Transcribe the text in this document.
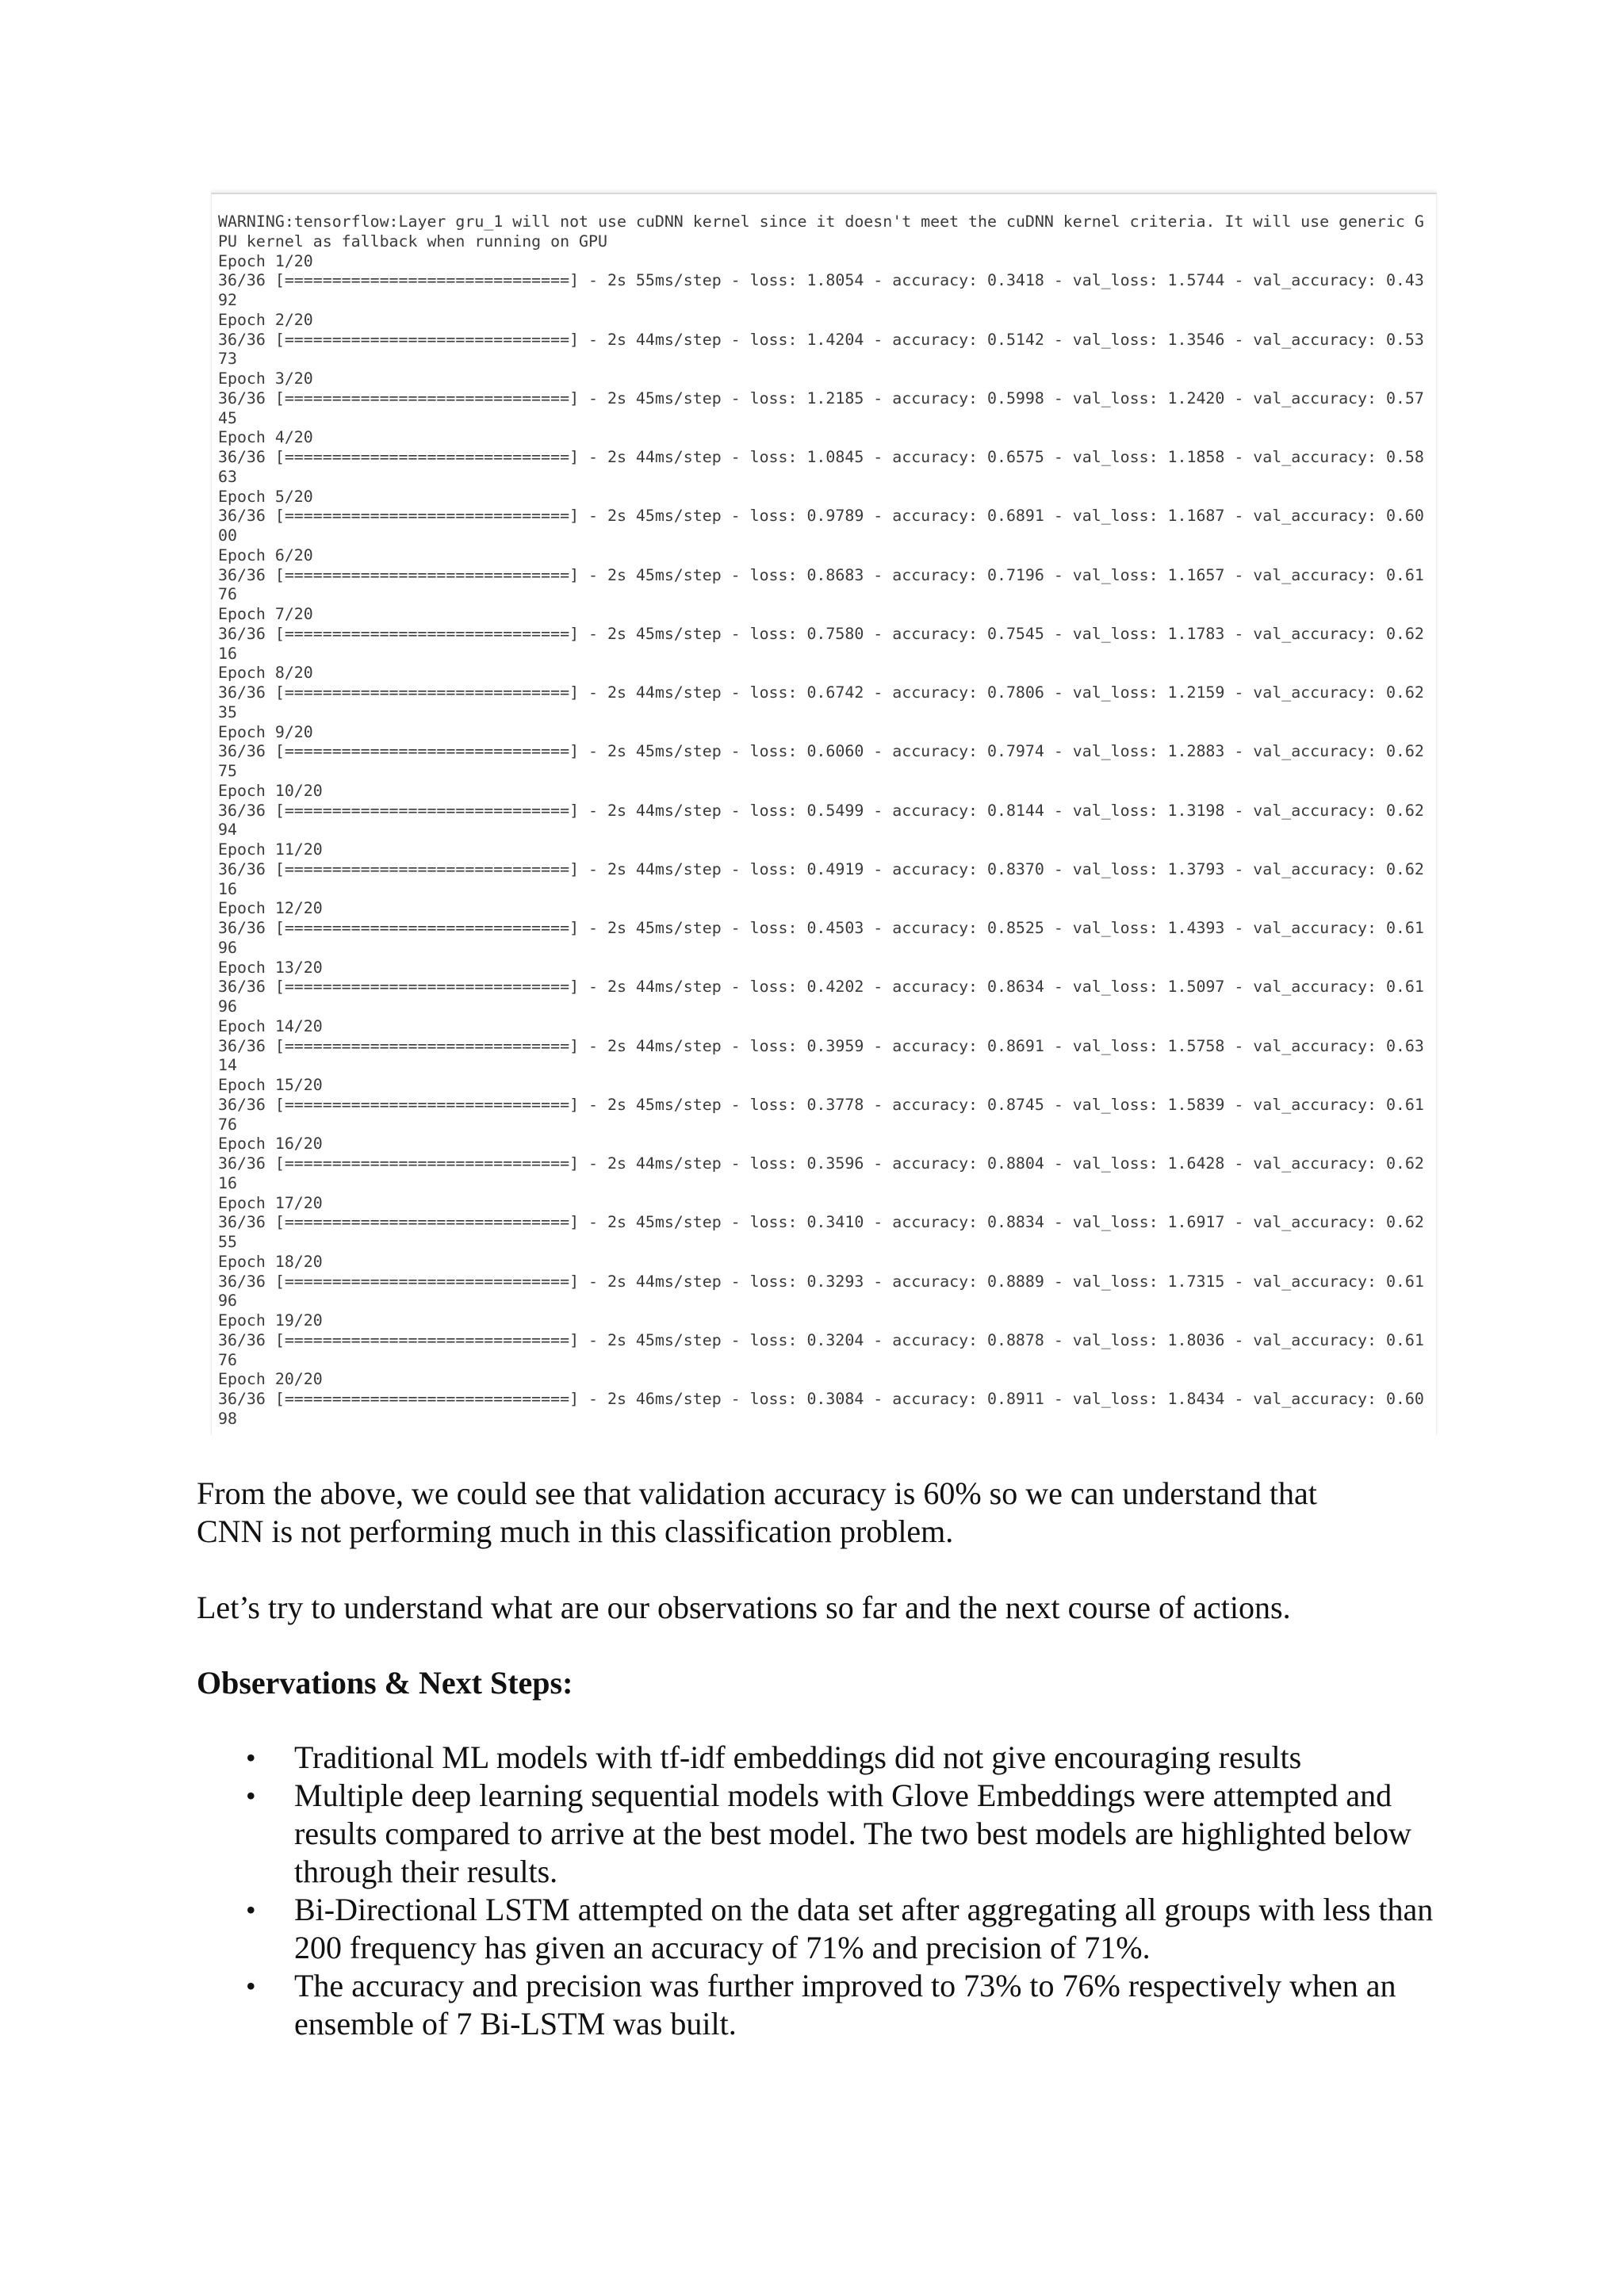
WARNING:tensorflow:Layer gru_1 will not use cuDNN kernel since it doesn't meet the cuDNN kernel criteria. It will use generic G
PU kernel as fallback when running on GPU
Epoch 1/20
36/36 [==============================] - 2s 55ms/step - loss: 1.8054 - accuracy: 0.3418 - val_loss: 1.5744 - val_accuracy: 0.43
92
Epoch 2/20
36/36 [==============================] - 2s 44ms/step - loss: 1.4204 - accuracy: 0.5142 - val_loss: 1.3546 - val_accuracy: 0.53
73
Epoch 3/20
36/36 [==============================] - 2s 45ms/step - loss: 1.2185 - accuracy: 0.5998 - val_loss: 1.2420 - val_accuracy: 0.57
45
Epoch 4/20
36/36 [==============================] - 2s 44ms/step - loss: 1.0845 - accuracy: 0.6575 - val_loss: 1.1858 - val_accuracy: 0.58
63
Epoch 5/20
36/36 [==============================] - 2s 45ms/step - loss: 0.9789 - accuracy: 0.6891 - val_loss: 1.1687 - val_accuracy: 0.60
00
Epoch 6/20
36/36 [==============================] - 2s 45ms/step - loss: 0.8683 - accuracy: 0.7196 - val_loss: 1.1657 - val_accuracy: 0.61
76
Epoch 7/20
36/36 [==============================] - 2s 45ms/step - loss: 0.7580 - accuracy: 0.7545 - val_loss: 1.1783 - val_accuracy: 0.62
16
Epoch 8/20
36/36 [==============================] - 2s 44ms/step - loss: 0.6742 - accuracy: 0.7806 - val_loss: 1.2159 - val_accuracy: 0.62
35
Epoch 9/20
36/36 [==============================] - 2s 45ms/step - loss: 0.6060 - accuracy: 0.7974 - val_loss: 1.2883 - val_accuracy: 0.62
75
Epoch 10/20
36/36 [==============================] - 2s 44ms/step - loss: 0.5499 - accuracy: 0.8144 - val_loss: 1.3198 - val_accuracy: 0.62
94
Epoch 11/20
36/36 [==============================] - 2s 44ms/step - loss: 0.4919 - accuracy: 0.8370 - val_loss: 1.3793 - val_accuracy: 0.62
16
Epoch 12/20
36/36 [==============================] - 2s 45ms/step - loss: 0.4503 - accuracy: 0.8525 - val_loss: 1.4393 - val_accuracy: 0.61
96
Epoch 13/20
36/36 [==============================] - 2s 44ms/step - loss: 0.4202 - accuracy: 0.8634 - val_loss: 1.5097 - val_accuracy: 0.61
96
Epoch 14/20
36/36 [==============================] - 2s 44ms/step - loss: 0.3959 - accuracy: 0.8691 - val_loss: 1.5758 - val_accuracy: 0.63
14
Epoch 15/20
36/36 [==============================] - 2s 45ms/step - loss: 0.3778 - accuracy: 0.8745 - val_loss: 1.5839 - val_accuracy: 0.61
76
Epoch 16/20
36/36 [==============================] - 2s 44ms/step - loss: 0.3596 - accuracy: 0.8804 - val_loss: 1.6428 - val_accuracy: 0.62
16
Epoch 17/20
36/36 [==============================] - 2s 45ms/step - loss: 0.3410 - accuracy: 0.8834 - val_loss: 1.6917 - val_accuracy: 0.62
55
Epoch 18/20
36/36 [==============================] - 2s 44ms/step - loss: 0.3293 - accuracy: 0.8889 - val_loss: 1.7315 - val_accuracy: 0.61
96
Epoch 19/20
36/36 [==============================] - 2s 45ms/step - loss: 0.3204 - accuracy: 0.8878 - val_loss: 1.8036 - val_accuracy: 0.61
76
Epoch 20/20
36/36 [==============================] - 2s 46ms/step - loss: 0.3084 - accuracy: 0.8911 - val_loss: 1.8434 - val_accuracy: 0.60
98

From the above, we could see that validation accuracy is 60% so we can understand that CNN is not performing much in this classification problem.

Let’s try to understand what are our observations so far and the next course of actions.

Observations & Next Steps:

• Traditional ML models with tf-idf embeddings did not give encouraging results
• Multiple deep learning sequential models with Glove Embeddings were attempted and results compared to arrive at the best model. The two best models are highlighted below through their results.
• Bi-Directional LSTM attempted on the data set after aggregating all groups with less than 200 frequency has given an accuracy of 71% and precision of 71%.
• The accuracy and precision was further improved to 73% to 76% respectively when an ensemble of 7 Bi-LSTM was built.
